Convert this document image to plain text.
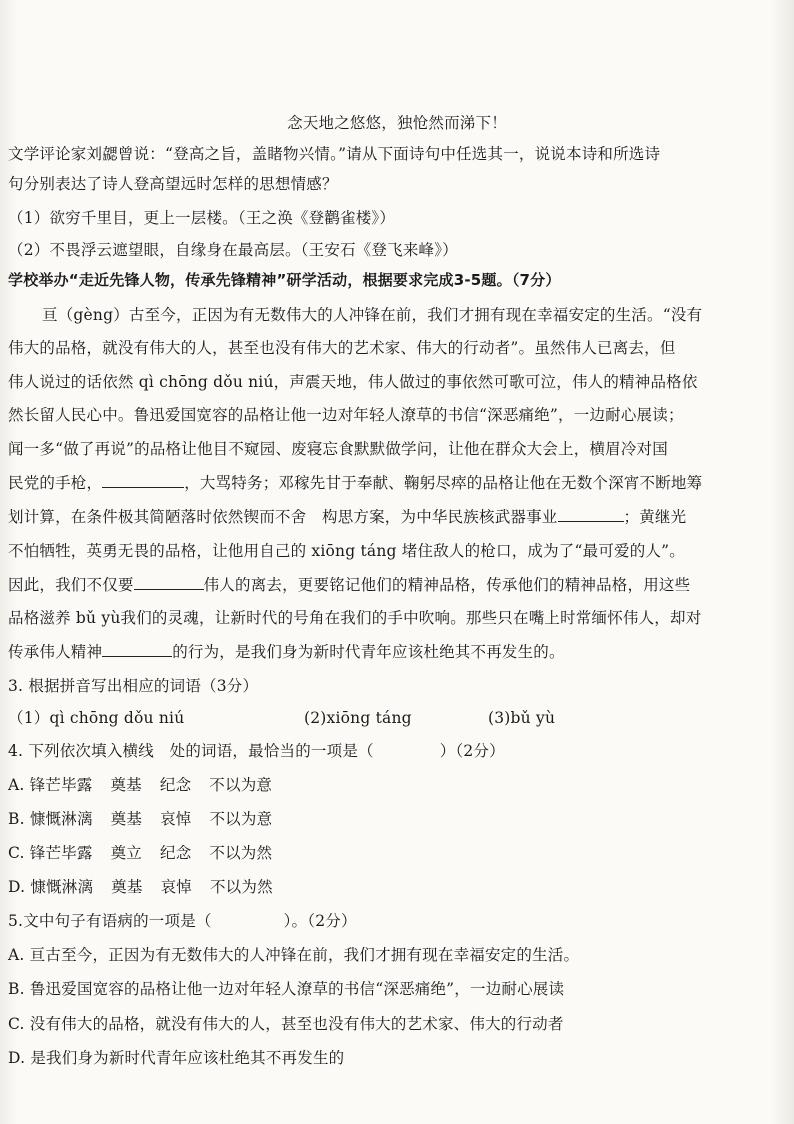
念天地之悠悠，独怆然而涕下！
文学评论家刘勰曾说：“登高之旨，盖睹物兴情。”请从下面诗句中任选其一，说说本诗和所选诗
句分别表达了诗人登高望远时怎样的思想情感？
（1）欲穷千里目，更上一层楼。（王之涣《登鹳雀楼》）
（2）不畏浮云遮望眼，自缘身在最高层。（王安石《登飞来峰》）
学校举办“走近先锋人物，传承先锋精神”研学活动，根据要求完成3-5题。（7分）
亘（gèng）古至今，正因为有无数伟大的人冲锋在前，我们才拥有现在幸福安定的生活。“没有
伟大的品格，就没有伟大的人，甚至也没有伟大的艺术家、伟大的行动者”。虽然伟人已离去，但
伟人说过的话依然 qì chōng dǒu niú，声震天地，伟人做过的事依然可歌可泣，伟人的精神品格依
然长留人民心中。鲁迅爱国宽容的品格让他一边对年轻人潦草的书信“深恶痛绝”，一边耐心展读；
闻一多“做了再说”的品格让他目不窥园、废寝忘食默默做学问，让他在群众大会上，横眉冷对国
民党的手枪，	，大骂特务；邓稼先甘于奉献、鞠躬尽瘁的品格让他在无数个深宵不断地筹
划计算，在条件极其简陋落时依然锲而不舍　构思方案，为中华民族核武器事业	；黄继光
不怕牺牲，英勇无畏的品格，让他用自己的 xiōng táng 堵住敌人的枪口，成为了“最可爱的人”。
因此，我们不仅要	伟人的离去，更要铭记他们的精神品格，传承他们的精神品格，用这些
品格滋养 bǔ yù我们的灵魂，让新时代的号角在我们的手中吹响。那些只在嘴上时常缅怀伟人，却对
传承伟人精神	的行为，是我们身为新时代青年应该杜绝其不再发生的。
3. 根据拼音写出相应的词语（3分）
（1）qì chōng dǒu niú	(2)xiōng táng	(3)bǔ yù
4. 下列依次填入横线　处的词语，最恰当的一项是（	）（2分）
A. 锋芒毕露 奠基 纪念 不以为意
B. 慷慨淋漓 奠基 哀悼 不以为意
C. 锋芒毕露 奠立 纪念 不以为然
D. 慷慨淋漓 奠基 哀悼 不以为然
5.文中句子有语病的一项是（	）。（2分）
A. 亘古至今，正因为有无数伟大的人冲锋在前，我们才拥有现在幸福安定的生活。
B. 鲁迅爱国宽容的品格让他一边对年轻人潦草的书信“深恶痛绝”，一边耐心展读
C. 没有伟大的品格，就没有伟大的人，甚至也没有伟大的艺术家、伟大的行动者
D. 是我们身为新时代青年应该杜绝其不再发生的
